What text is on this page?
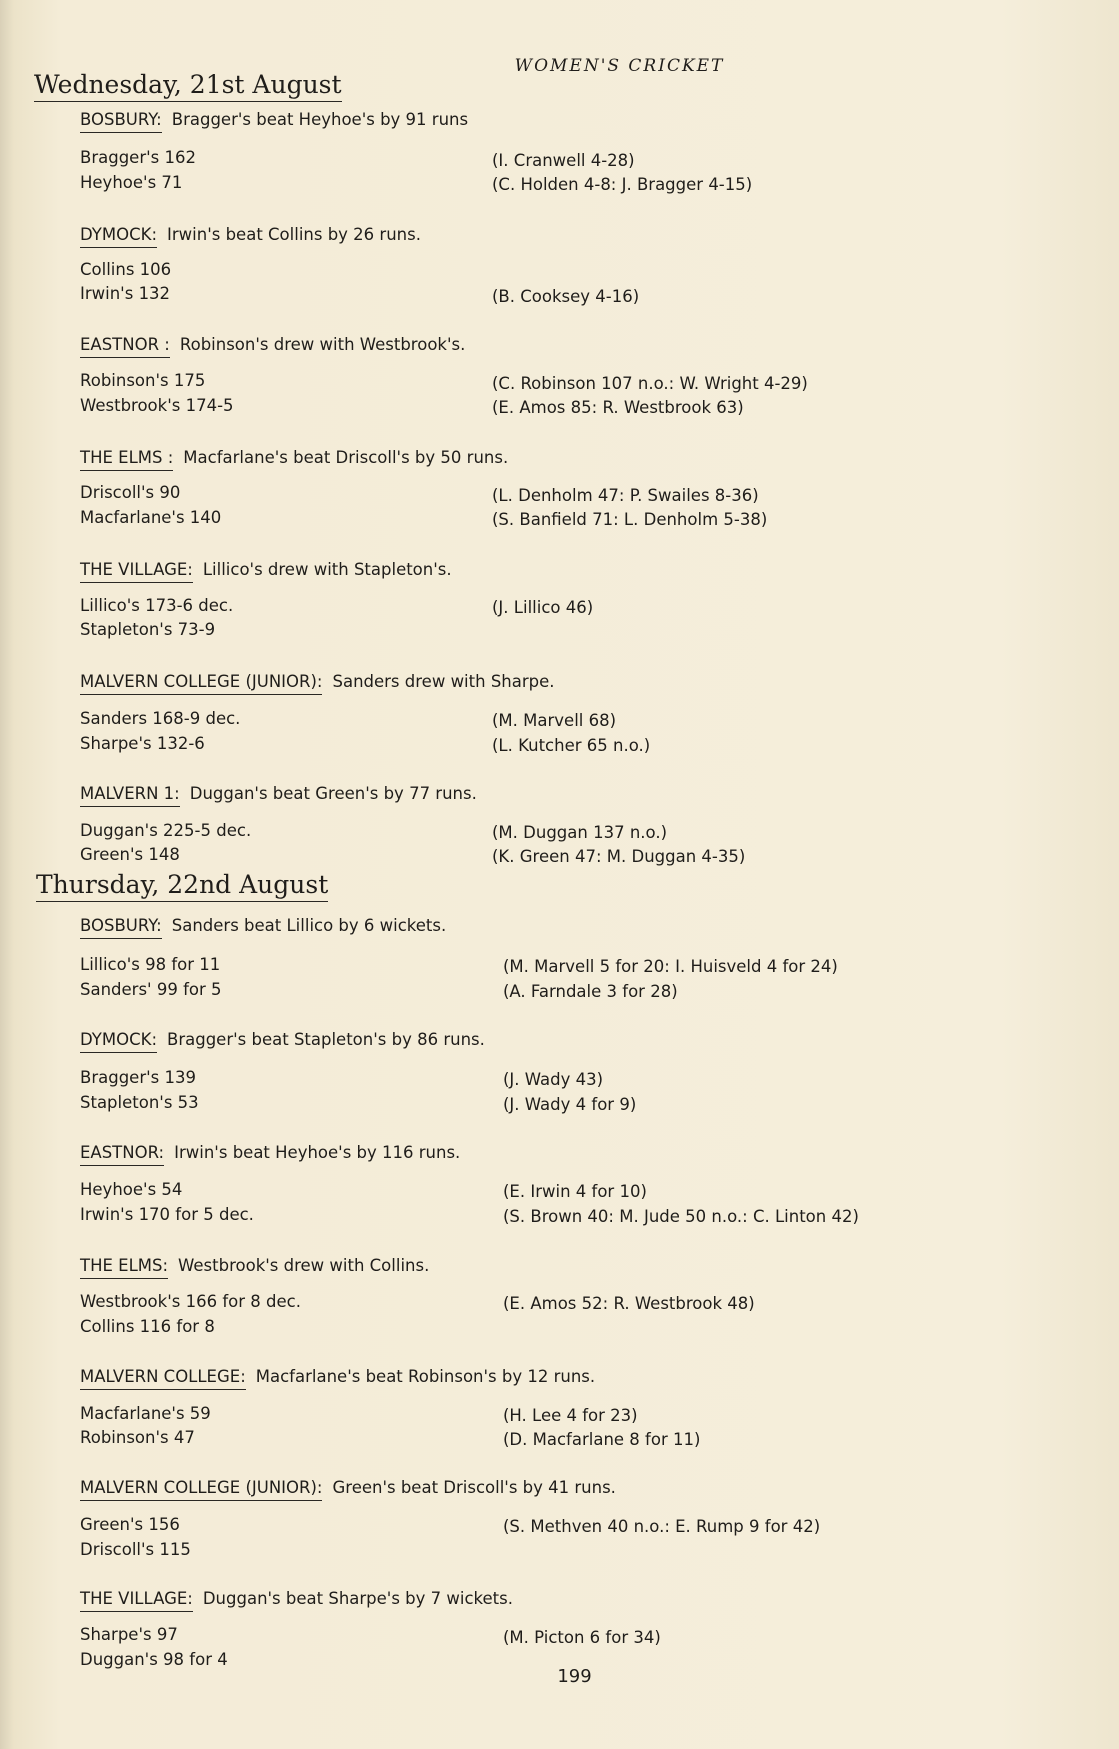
WOMEN'S CRICKET
Wednesday, 21st August
BOSBURY: Bragger's beat Heyhoe's by 91 runs
Bragger's 162
Heyhoe's 71
(I. Cranwell 4-28)
(C. Holden 4-8: J. Bragger 4-15)
DYMOCK: Irwin's beat Collins by 26 runs.
Collins 106
Irwin's 132	(B. Cooksey 4-16)
EASTNOR : Robinson's drew with Westbrook's.
Robinson's 175
Westbrook's 174-5
(C. Robinson 107 n.o.: W. Wright 4-29)
(E. Amos 85: R. Westbrook 63)
THE ELMS : Macfarlane's beat Driscoll's by 50 runs.
Driscoll's 90
Macfarlane's 140
(L. Denholm 47: P. Swailes 8-36)
(S. Banfield 71: L. Denholm 5-38)
THE VILLAGE: Lillico's drew with Stapleton's.
Lillico's 173-6 dec.
Stapleton's 73-9
(J. Lillico 46)
MALVERN COLLEGE (JUNIOR): Sanders drew with Sharpe.
Sanders 168-9 dec.
Sharpe's 132-6
(M. Marvell 68)
(L. Kutcher 65 n.o.)
MALVERN 1: Duggan's beat Green's by 77 runs.
Duggan's 225-5 dec.
Green's 148
(M. Duggan 137 n.o.)
(K. Green 47: M. Duggan 4-35)
Thursday, 22nd August
BOSBURY: Sanders beat Lillico by 6 wickets.
Lillico's 98 for 11
Sanders' 99 for 5
(M. Marvell 5 for 20: I. Huisveld 4 for 24)
(A. Farndale 3 for 28)
DYMOCK: Bragger's beat Stapleton's by 86 runs.
Bragger's 139
Stapleton's 53
(J. Wady 43)
(J. Wady 4 for 9)
EASTNOR: Irwin's beat Heyhoe's by 116 runs.
Heyhoe's 54
Irwin's 170 for 5 dec.
(E. Irwin 4 for 10)
(S. Brown 40: M. Jude 50 n.o.: C. Linton 42)
THE ELMS: Westbrook's drew with Collins.
Westbrook's 166 for 8 dec.
Collins 116 for 8
(E. Amos 52: R. Westbrook 48)
MALVERN COLLEGE: Macfarlane's beat Robinson's by 12 runs.
Macfarlane's 59
Robinson's 47
(H. Lee 4 for 23)
(D. Macfarlane 8 for 11)
MALVERN COLLEGE (JUNIOR): Green's beat Driscoll's by 41 runs.
Green's 156
Driscoll's 115
(S. Methven 40 n.o.: E. Rump 9 for 42)
THE VILLAGE: Duggan's beat Sharpe's by 7 wickets.
Sharpe's 97
Duggan's 98 for 4
(M. Picton 6 for 34)
199
